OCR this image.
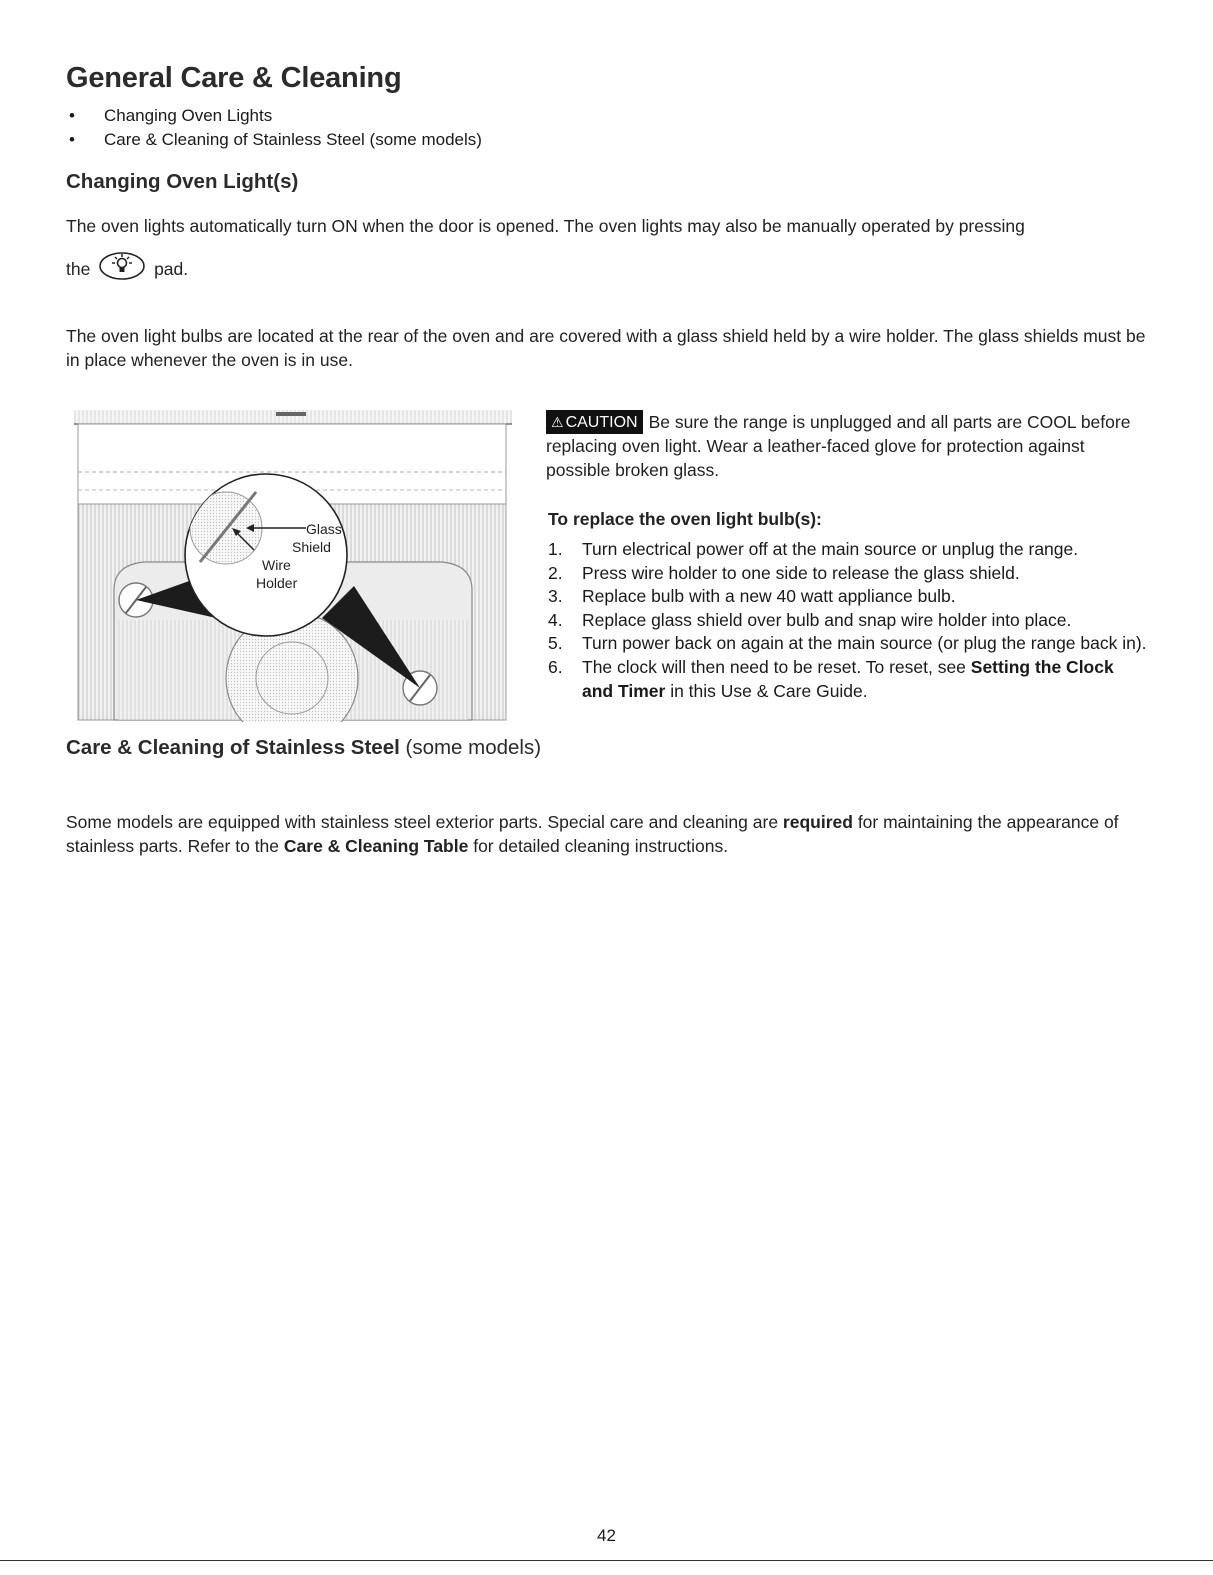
General Care & Cleaning
• Changing Oven Lights
• Care & Cleaning of Stainless Steel (some models)
Changing Oven Light(s)

The oven lights automatically turn ON when the door is opened. The oven lights may also be manually operated by pressing

the	pad.

The oven light bulbs are located at the rear of the oven and are covered with a glass shield held by a wire holder. The glass shields must be in place whenever the oven is in use.

Glass
Shield
Wire
Holder
⚠ CAUTION Be sure the range is unplugged and all parts are COOL before replacing oven light. Wear a leather-faced glove for protection against possible broken glass.

To replace the oven light bulb(s):

1. Turn electrical power off at the main source or unplug the range.
2. Press wire holder to one side to release the glass shield.
3. Replace bulb with a new 40 watt appliance bulb.
4. Replace glass shield over bulb and snap wire holder into place.
5. Turn power back on again at the main source (or plug the range back in).
6. The clock will then need to be reset. To reset, see Setting the Clock and Timer in this Use & Care Guide.
Care & Cleaning of Stainless Steel (some models)

Some models are equipped with stainless steel exterior parts. Special care and cleaning are required for maintaining the appearance of stainless parts. Refer to the Care & Cleaning Table for detailed cleaning instructions.

42
